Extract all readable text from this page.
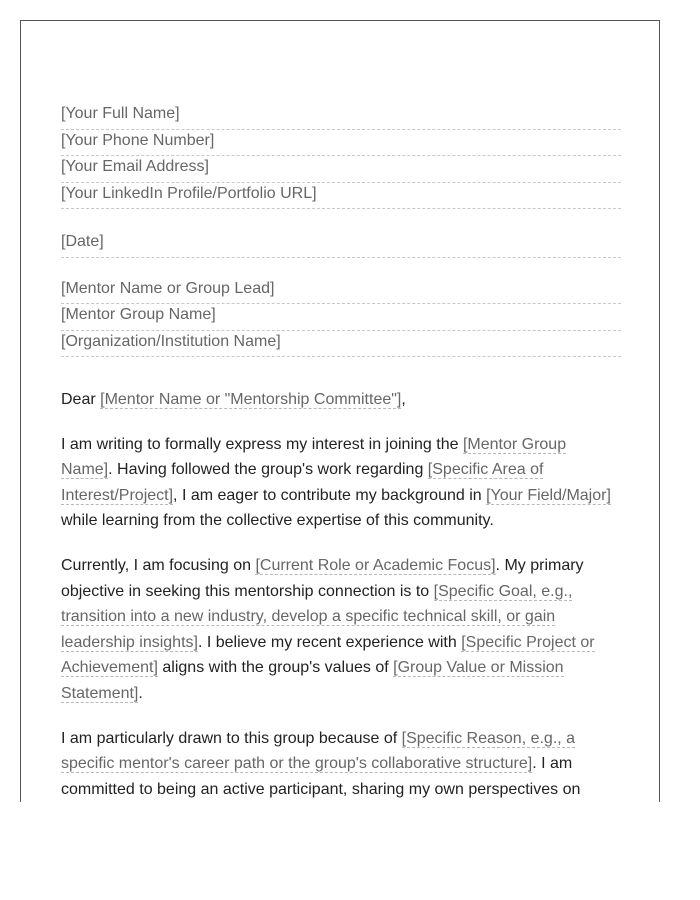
[Your Full Name]
[Your Phone Number]
[Your Email Address]
[Your LinkedIn Profile/Portfolio URL]
[Date]
[Mentor Name or Group Lead]
[Mentor Group Name]
[Organization/Institution Name]
Dear [Mentor Name or "Mentorship Committee"],

I am writing to formally express my interest in joining the [Mentor Group Name]. Having followed the group's work regarding [Specific Area of Interest/Project], I am eager to contribute my background in [Your Field/Major] while learning from the collective expertise of this community.

Currently, I am focusing on [Current Role or Academic Focus]. My primary objective in seeking this mentorship connection is to [Specific Goal, e.g., transition into a new industry, develop a specific technical skill, or gain leadership insights]. I believe my recent experience with [Specific Project or Achievement] aligns with the group's values of [Group Value or Mission Statement].

I am particularly drawn to this group because of [Specific Reason, e.g., a specific mentor's career path or the group's collaborative structure]. I am committed to being an active participant, sharing my own perspectives on
